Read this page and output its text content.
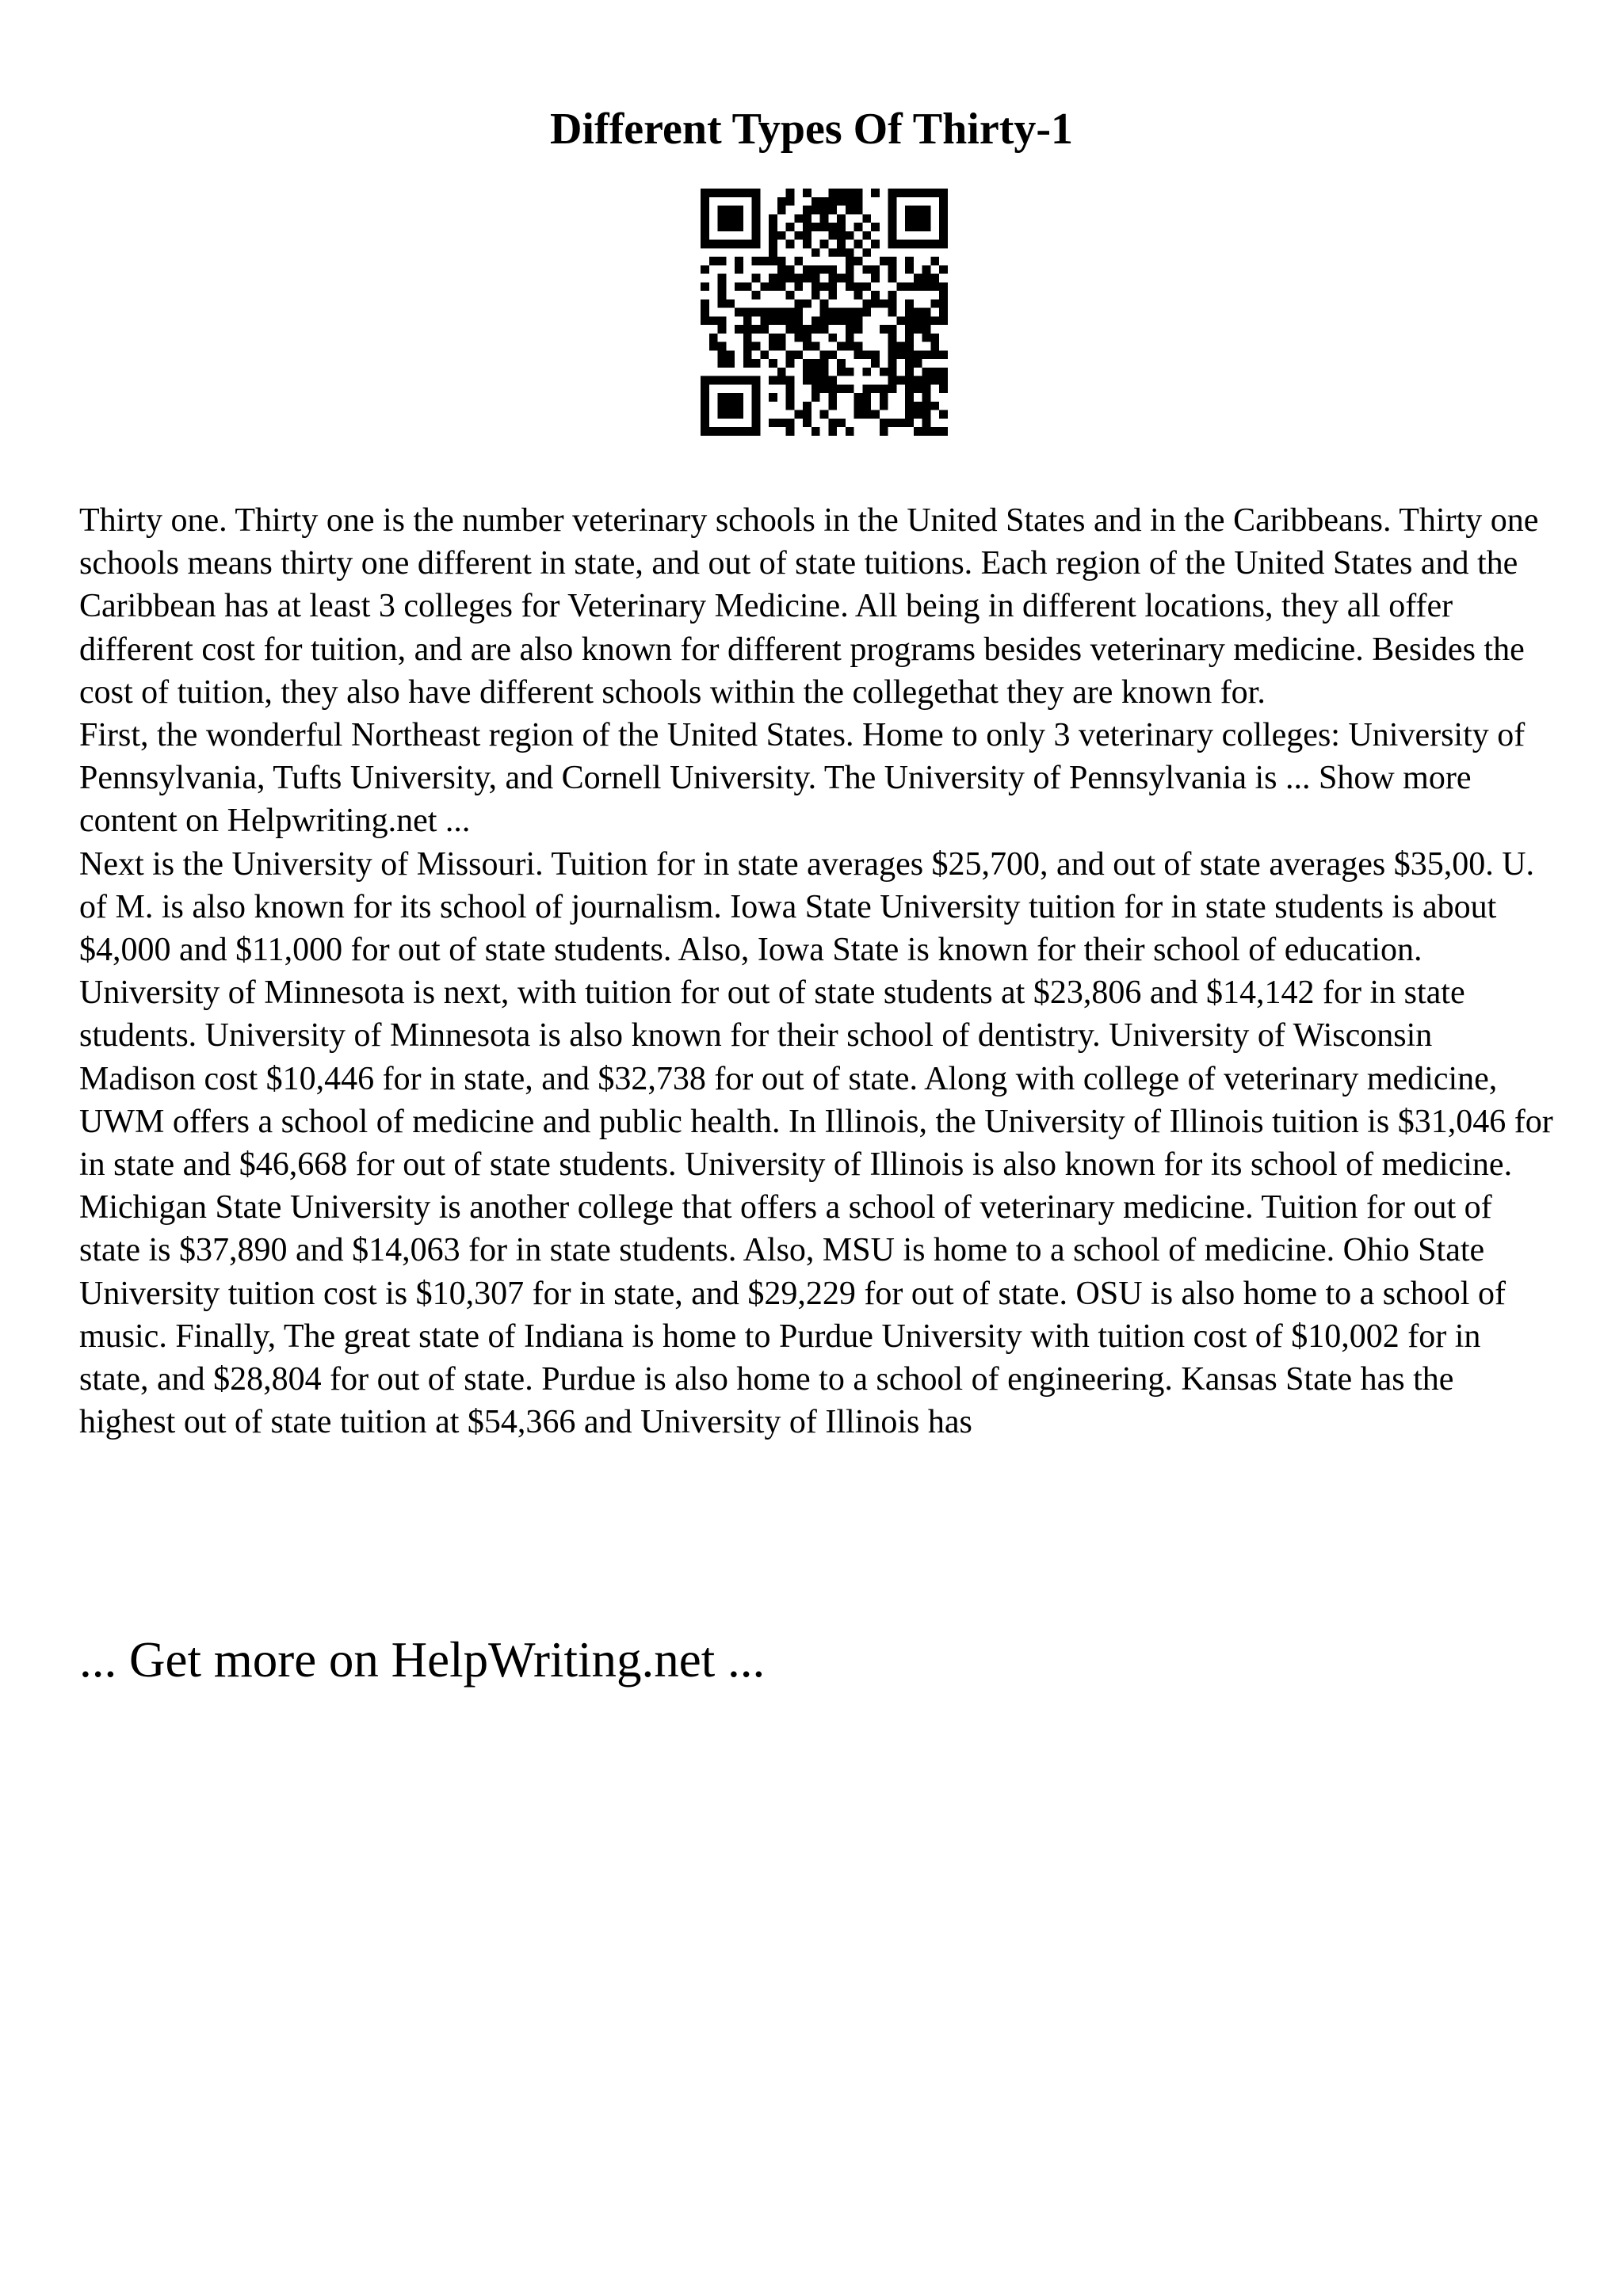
Different Types Of Thirty-1

Thirty one. Thirty one is the number veterinary schools in the United States and in the Caribbeans. Thirty one schools means thirty one different in state, and out of state tuitions. Each region of the United States and the Caribbean has at least 3 colleges for Veterinary Medicine. All being in different locations, they all offer different cost for tuition, and are also known for different programs besides veterinary medicine. Besides the cost of tuition, they also have different schools within the collegethat they are known for.

First, the wonderful Northeast region of the United States. Home to only 3 veterinary colleges: University of Pennsylvania, Tufts University, and Cornell University. The University of Pennsylvania is ... Show more content on Helpwriting.net ...

Next is the University of Missouri. Tuition for in state averages $25,700, and out of state averages $35,00. U. of M. is also known for its school of journalism. Iowa State University tuition for in state students is about $4,000 and $11,000 for out of state students. Also, Iowa State is known for their school of education. University of Minnesota is next, with tuition for out of state students at $23,806 and $14,142 for in state students. University of Minnesota is also known for their school of dentistry. University of Wisconsin Madison cost $10,446 for in state, and $32,738 for out of state. Along with college of veterinary medicine, UWM offers a school of medicine and public health. In Illinois, the University of Illinois tuition is $31,046 for in state and $46,668 for out of state students. University of Illinois is also known for its school of medicine. Michigan State University is another college that offers a school of veterinary medicine. Tuition for out of state is $37,890 and $14,063 for in state students. Also, MSU is home to a school of medicine. Ohio State University tuition cost is $10,307 for in state, and $29,229 for out of state. OSU is also home to a school of music. Finally, The great state of Indiana is home to Purdue University with tuition cost of $10,002 for in state, and $28,804 for out of state. Purdue is also home to a school of engineering. Kansas State has the highest out of state tuition at $54,366 and University of Illinois has

... Get more on HelpWriting.net ...
